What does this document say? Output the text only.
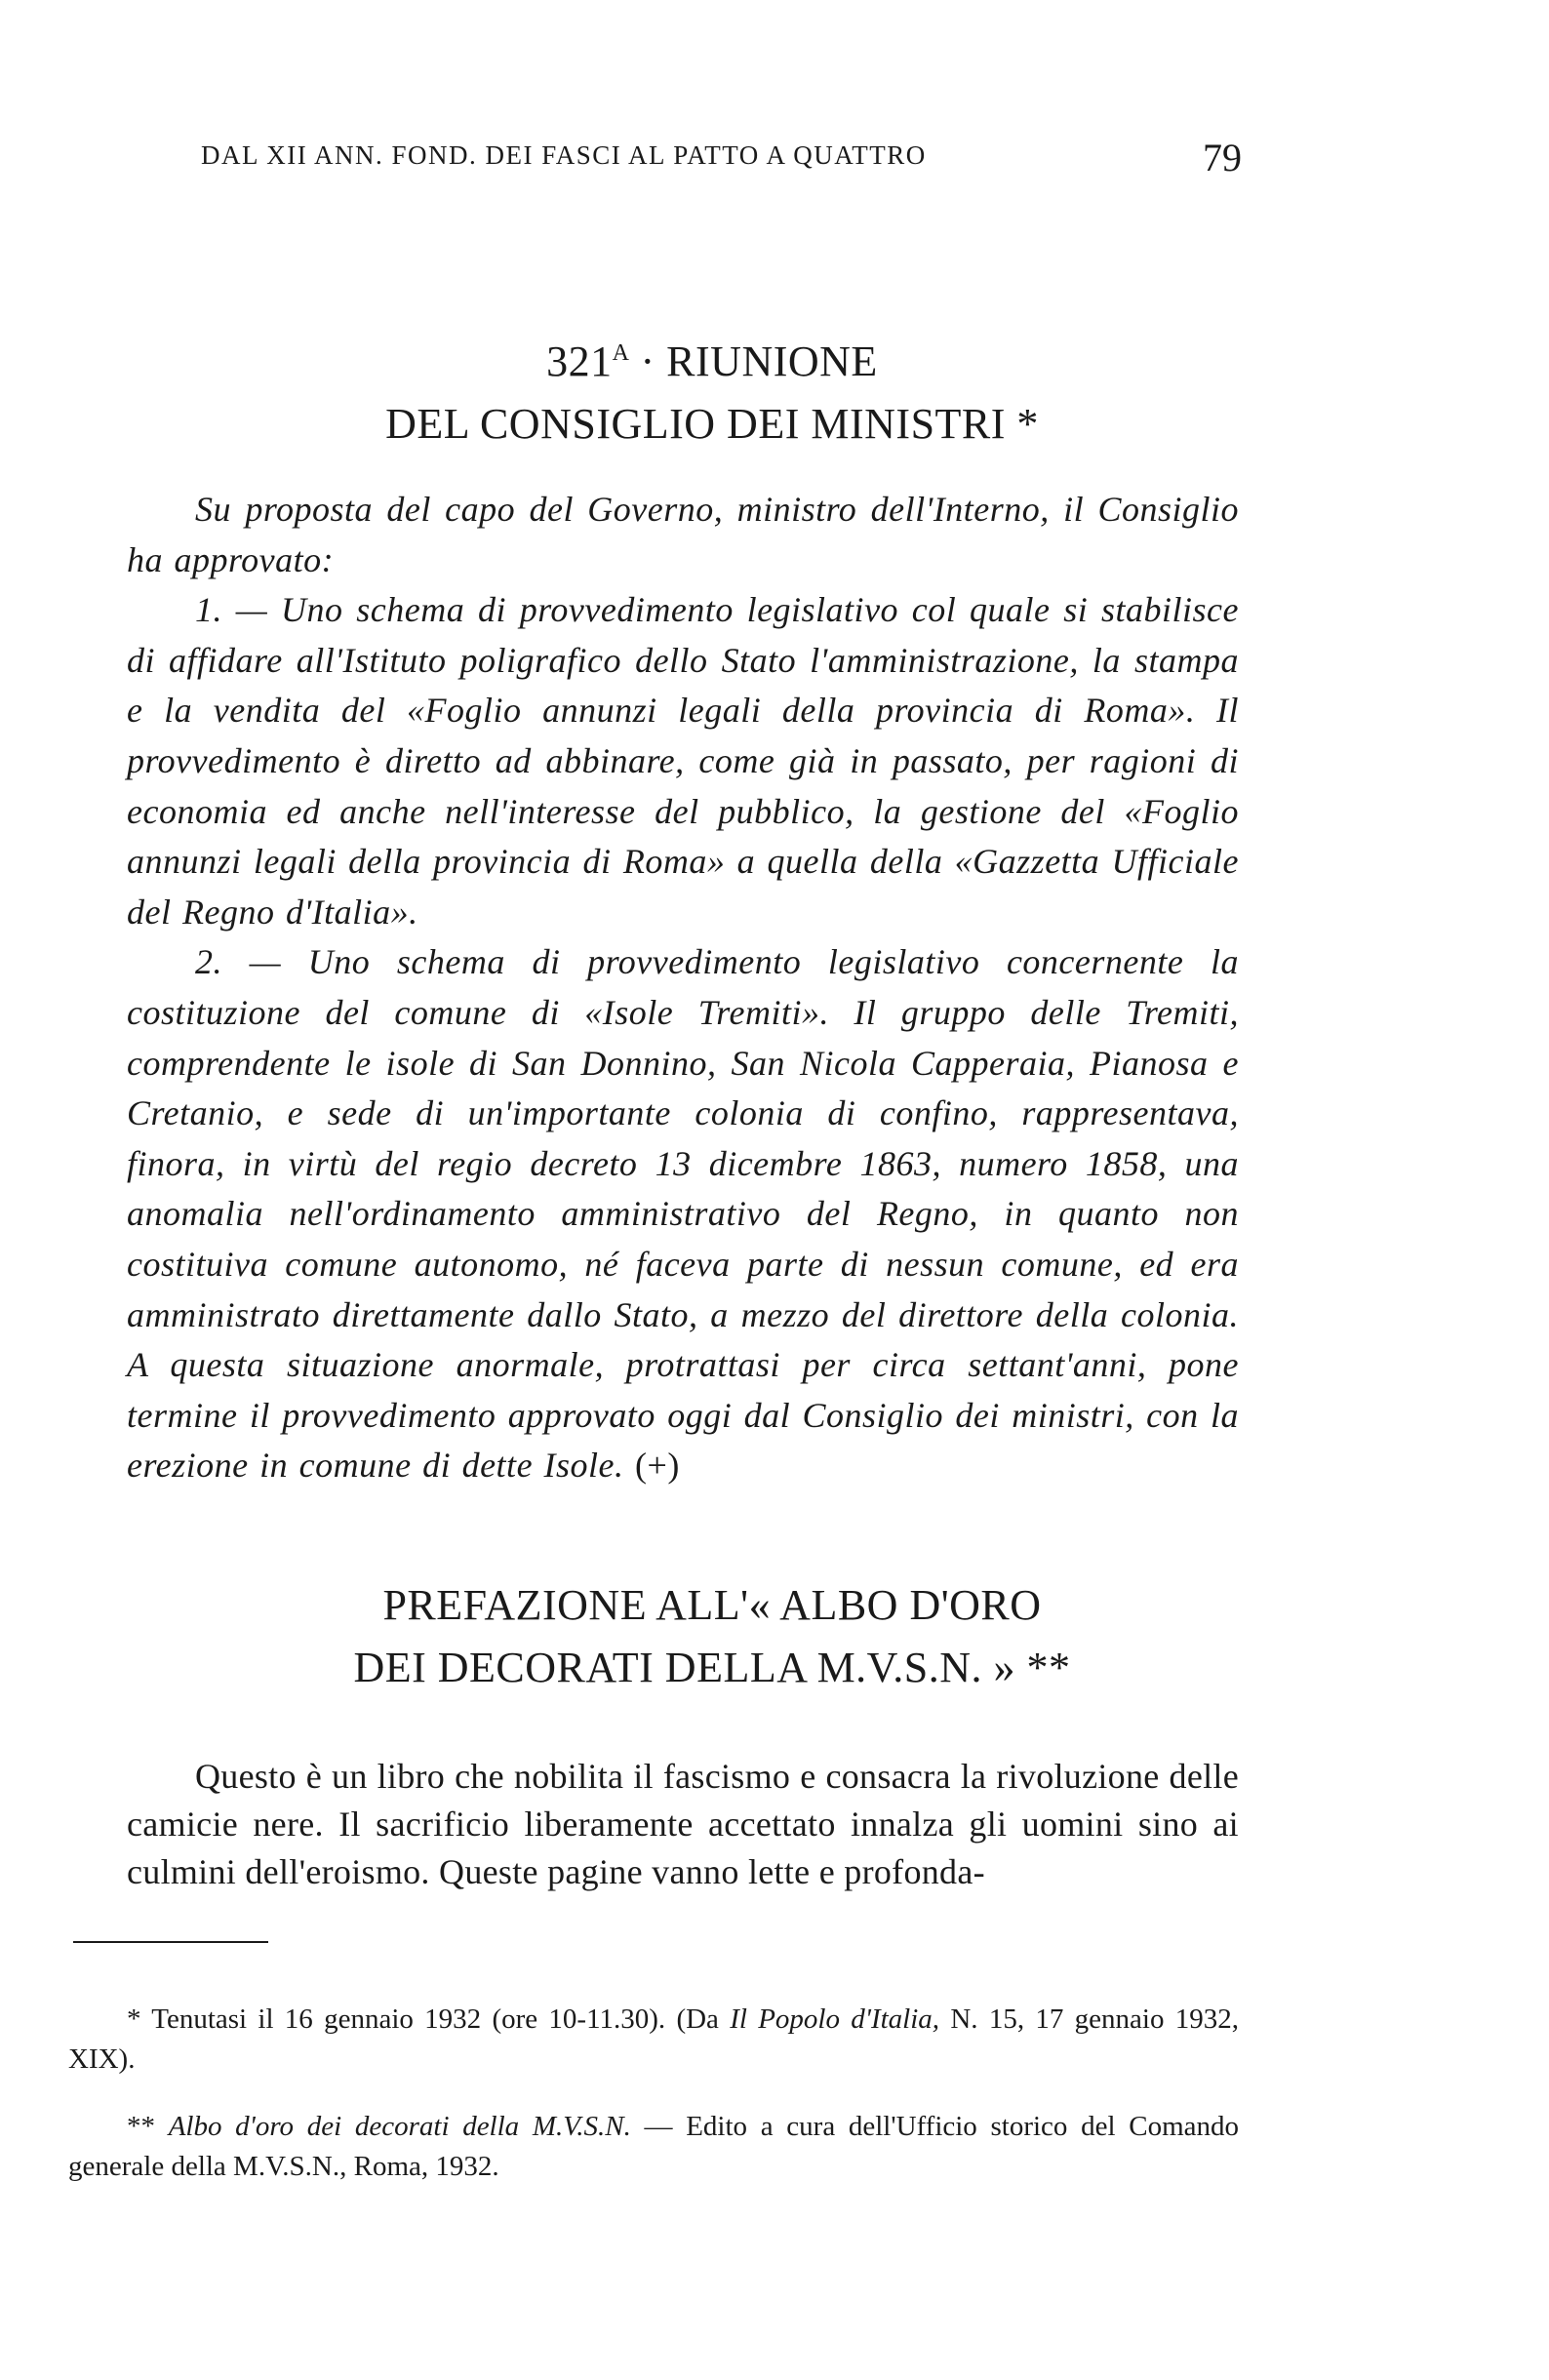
DAL XII ANN. FOND. DEI FASCI AL PATTO A QUATTRO	79
$321^A$ · RIUNIONE
DEL CONSIGLIO DEI MINISTRI *

Su proposta del capo del Governo, ministro dell'Interno, il Consiglio ha approvato:

1. — Uno schema di provvedimento legislativo col quale si stabilisce di affidare all'Istituto poligrafico dello Stato l'amministrazione, la stampa e la vendita del «Foglio annunzi legali della provincia di Roma». Il provvedimento è diretto ad abbinare, come già in passato, per ragioni di economia ed anche nell'interesse del pubblico, la gestione del «Foglio annunzi legali della provincia di Roma» a quella della «Gazzetta Ufficiale del Regno d'Italia».

2. — Uno schema di provvedimento legislativo concernente la costituzione del comune di «Isole Tremiti». Il gruppo delle Tremiti, comprendente le isole di San Donnino, San Nicola Capperaia, Pianosa e Cretanio, e sede di un'importante colonia di confino, rappresentava, finora, in virtù del regio decreto 13 dicembre 1863, numero 1858, una anomalia nell'ordinamento amministrativo del Regno, in quanto non costituiva comune autonomo, né faceva parte di nessun comune, ed era amministrato direttamente dallo Stato, a mezzo del direttore della colonia. A questa situazione anormale, protrattasi per circa settant'anni, pone termine il provvedimento approvato oggi dal Consiglio dei ministri, con la erezione in comune di dette Isole. (+)

PREFAZIONE ALL'« ALBO D'ORO
DEI DECORATI DELLA M.V.S.N. » **

Questo è un libro che nobilita il fascismo e consacra la rivoluzione delle camicie nere. Il sacrificio liberamente accettato innalza gli uomini sino ai culmini dell'eroismo. Queste pagine vanno lette e profonda-

* Tenutasi il 16 gennaio 1932 (ore 10-11.30). (Da Il Popolo d'Italia, N. 15, 17 gennaio 1932, XIX).

** Albo d'oro dei decorati della M.V.S.N. — Edito a cura dell'Ufficio storico del Comando generale della M.V.S.N., Roma, 1932.
